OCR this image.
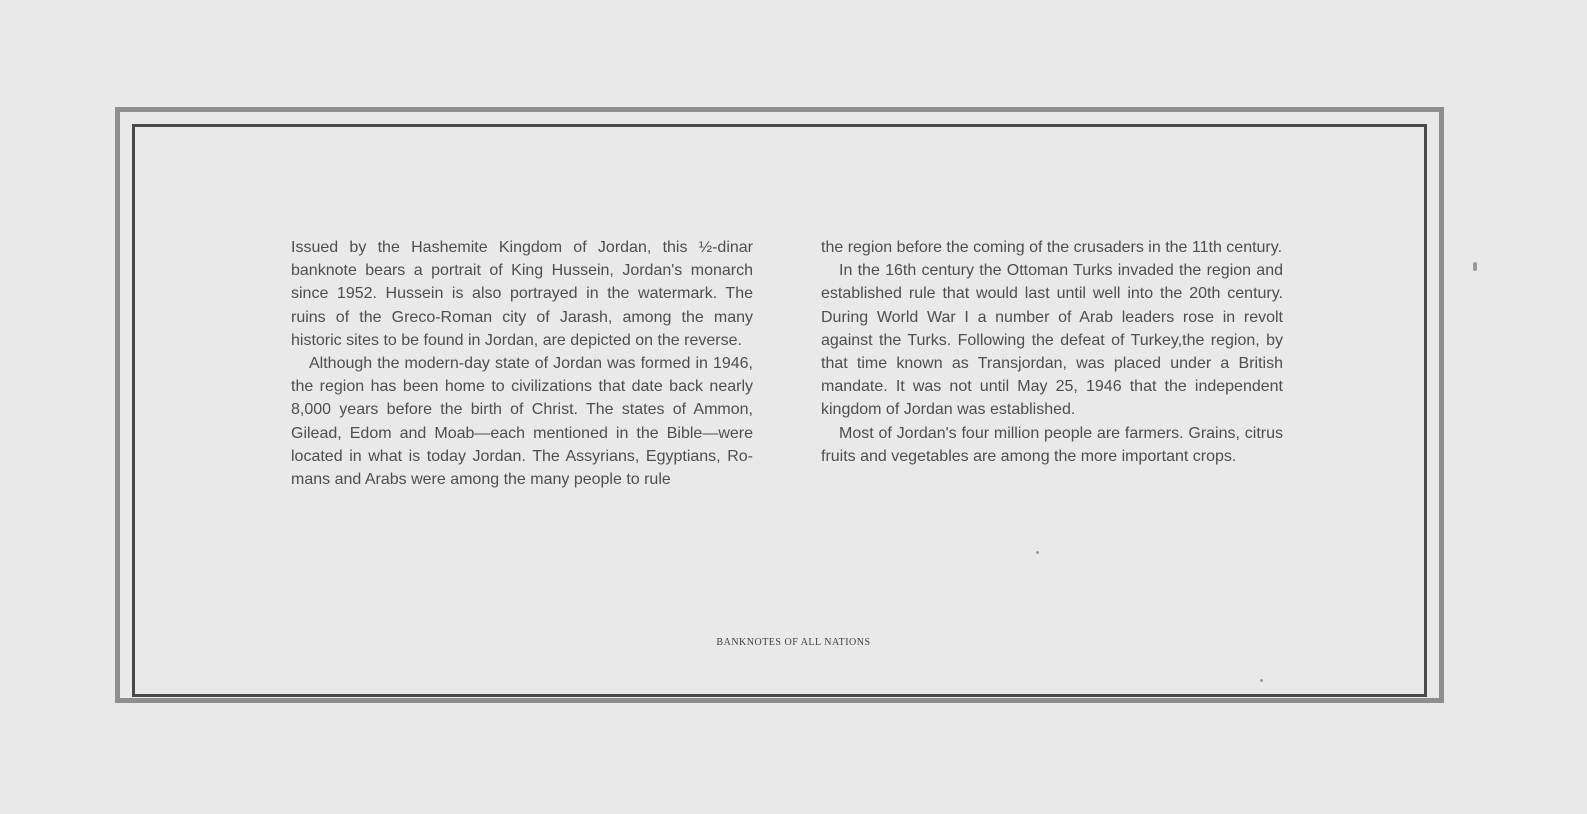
Issued by the Hashemite Kingdom of Jordan, this ½-dinar banknote bears a portrait of King Hussein, Jordan's monarch since 1952. Hussein is also portrayed in the watermark. The ruins of the Greco-Roman city of Jarash, among the many historic sites to be found in Jordan, are depicted on the reverse.

Although the modern-day state of Jordan was formed in 1946, the region has been home to civilizations that date back nearly 8,000 years before the birth of Christ. The states of Ammon, Gilead, Edom and Moab—each mentioned in the Bible—were located in what is today Jordan. The Assyrians, Egyptians, Romans and Arabs were among the many people to rule

the region before the coming of the crusaders in the 11th century.

In the 16th century the Ottoman Turks invaded the region and established rule that would last until well into the 20th century. During World War I a number of Arab leaders rose in revolt against the Turks. Following the defeat of Turkey,the region, by that time known as Transjordan, was placed under a British mandate. It was not until May 25, 1946 that the independent kingdom of Jordan was established.

Most of Jordan's four million people are farmers. Grains, citrus fruits and vegetables are among the more important crops.

BANKNOTES OF ALL NATIONS
